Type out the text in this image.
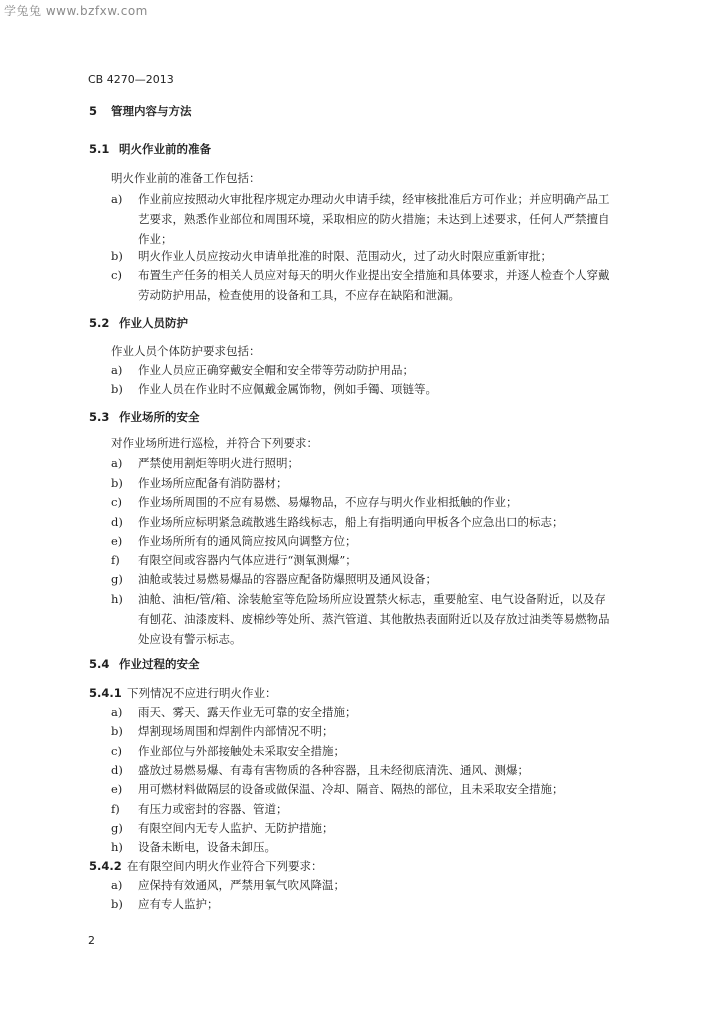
学兔兔 www.bzfxw.com
CB 4270—2013
5 管理内容与方法
5.1 明火作业前的准备
明火作业前的准备工作包括：
a)	作业前应按照动火审批程序规定办理动火申请手续，经审核批准后方可作业；并应明确产品工
艺要求，熟悉作业部位和周围环境，采取相应的防火措施；未达到上述要求，任何人严禁擅自
作业；
b)	明火作业人员应按动火申请单批准的时限、范围动火，过了动火时限应重新审批；
c)	布置生产任务的相关人员应对每天的明火作业提出安全措施和具体要求，并逐人检查个人穿戴
劳动防护用品，检查使用的设备和工具，不应存在缺陷和泄漏。
5.2 作业人员防护
作业人员个体防护要求包括：
a)	作业人员应正确穿戴安全帽和安全带等劳动防护用品；
b)	作业人员在作业时不应佩戴金属饰物，例如手镯、项链等。
5.3 作业场所的安全
对作业场所进行巡检，并符合下列要求：
a)	严禁使用割炬等明火进行照明；
b)	作业场所应配备有消防器材；
c)	作业场所周围的不应有易燃、易爆物品，不应存与明火作业相抵触的作业；
d)	作业场所应标明紧急疏散逃生路线标志，船上有指明通向甲板各个应急出口的标志；
e)	作业场所所有的通风筒应按风向调整方位；
f)	有限空间或容器内气体应进行“测氧测爆”；
g)	油舱或装过易燃易爆品的容器应配备防爆照明及通风设备；
h)	油舱、油柜/管/箱、涂装舱室等危险场所应设置禁火标志，重要舱室、电气设备附近，以及存
有刨花、油漆废料、废棉纱等处所、蒸汽管道、其他散热表面附近以及存放过油类等易燃物品
处应设有警示标志。
5.4 作业过程的安全
5.4.1 下列情况不应进行明火作业：
a)	雨天、雾天、露天作业无可靠的安全措施；
b)	焊割现场周围和焊割件内部情况不明；
c)	作业部位与外部接触处未采取安全措施；
d)	盛放过易燃易爆、有毒有害物质的各种容器，且未经彻底清洗、通风、测爆；
e)	用可燃材料做隔层的设备或做保温、冷却、隔音、隔热的部位，且未采取安全措施；
f)	有压力或密封的容器、管道；
g)	有限空间内无专人监护、无防护措施；
h)	设备未断电，设备未卸压。
5.4.2 在有限空间内明火作业符合下列要求：
a)	应保持有效通风，严禁用氧气吹风降温；
b)	应有专人监护；
2
